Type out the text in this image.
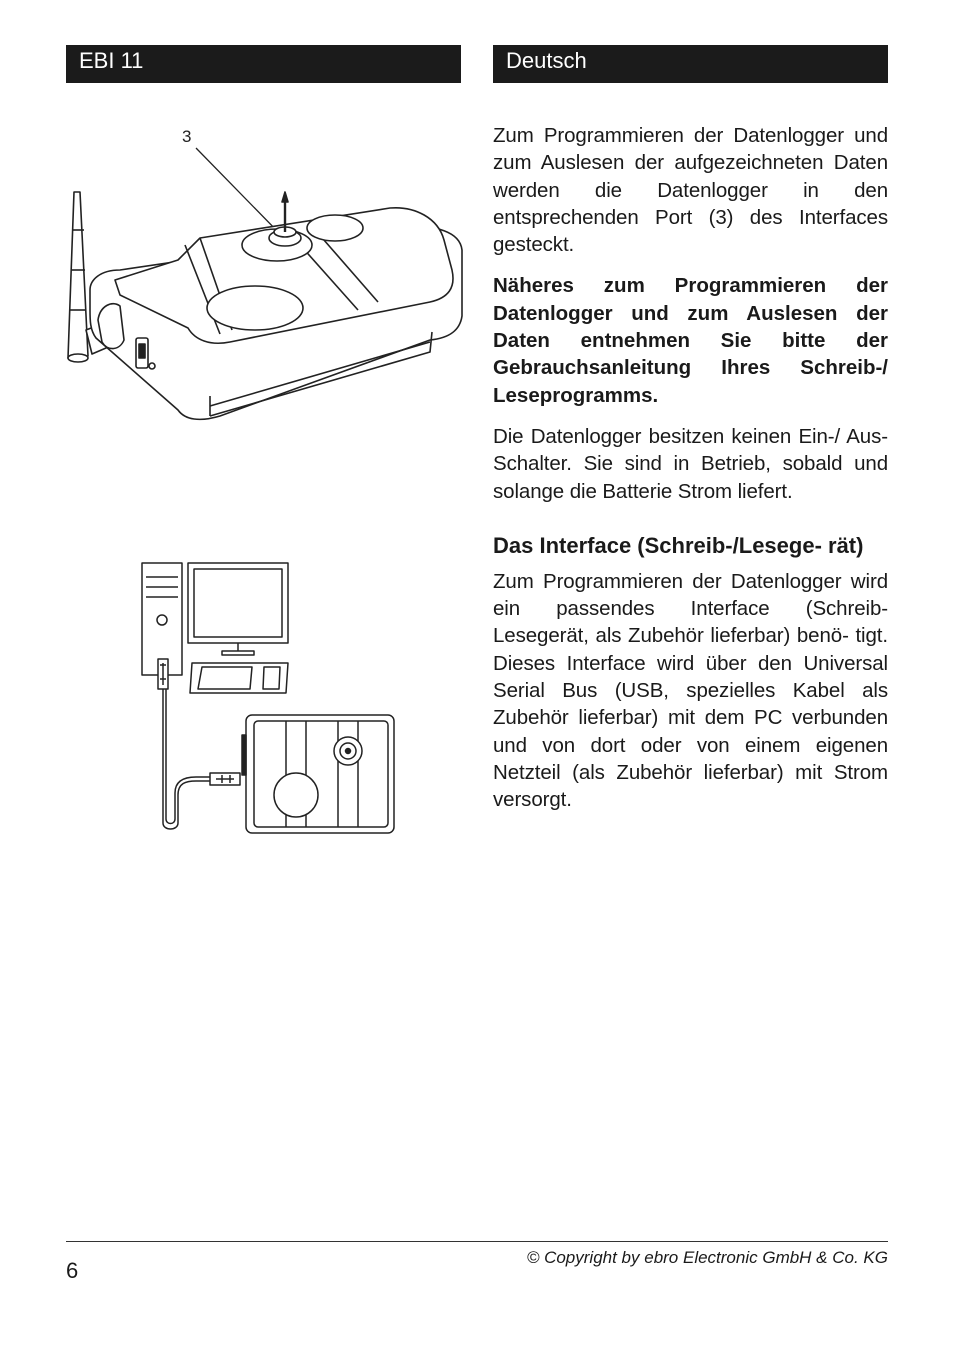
EBI 11	Deutsch
3	Zum Programmieren der Datenlogger und zum Auslesen der aufgezeichneten Daten werden die Datenlogger in den entsprechenden Port (3) des Interfaces gesteckt.

Näheres zum Programmieren der Datenlogger und zum Auslesen der Daten entnehmen Sie bitte der Gebrauchsanleitung Ihres Schreib-/ Leseprogramms.

Die Datenlogger besitzen keinen Ein-/ Aus-Schalter. Sie sind in Betrieb, sobald und solange die Batterie Strom liefert.

Das Interface (Schreib-/Lesege- rät)

Zum Programmieren der Datenlogger wird ein passendes Interface (Schreib-Lesegerät, als Zubehör lieferbar) benö- tigt. Dieses Interface wird über den Universal Serial Bus (USB, spezielles Kabel als Zubehör lieferbar) mit dem PC verbunden und von dort oder von einem eigenen Netzteil (als Zubehör lieferbar) mit Strom versorgt.

6
© Copyright by ebro Electronic GmbH & Co. KG
